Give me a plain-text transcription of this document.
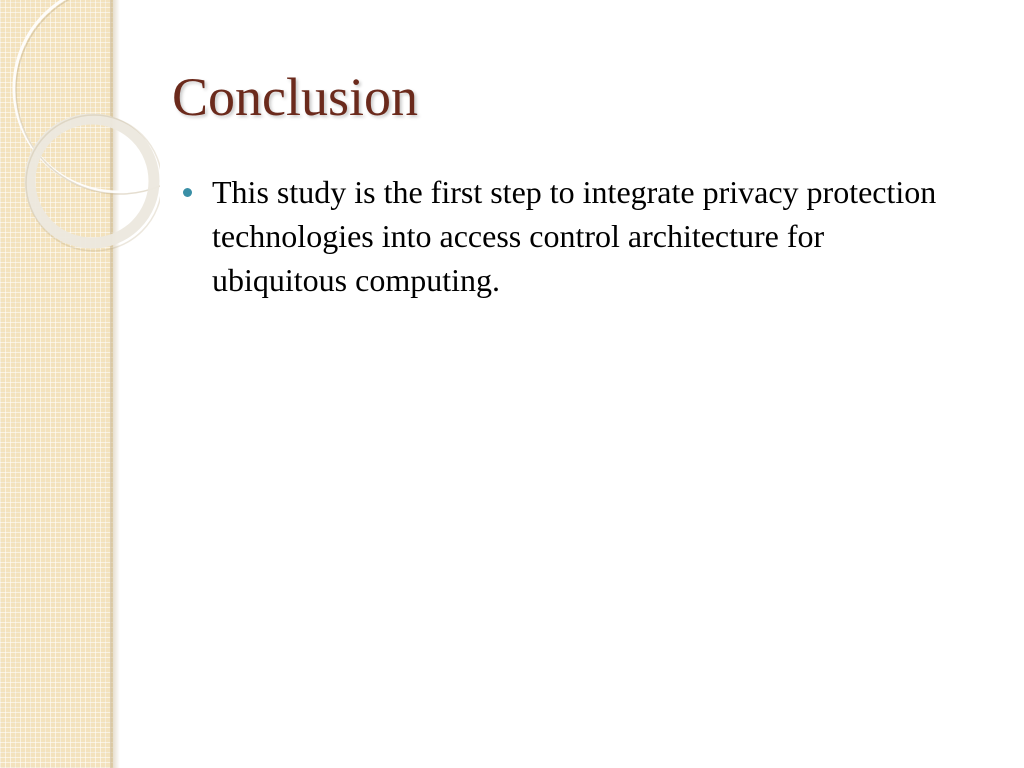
Conclusion
This study is the first step to integrate privacy protection technologies into access control architecture for ubiquitous computing.
